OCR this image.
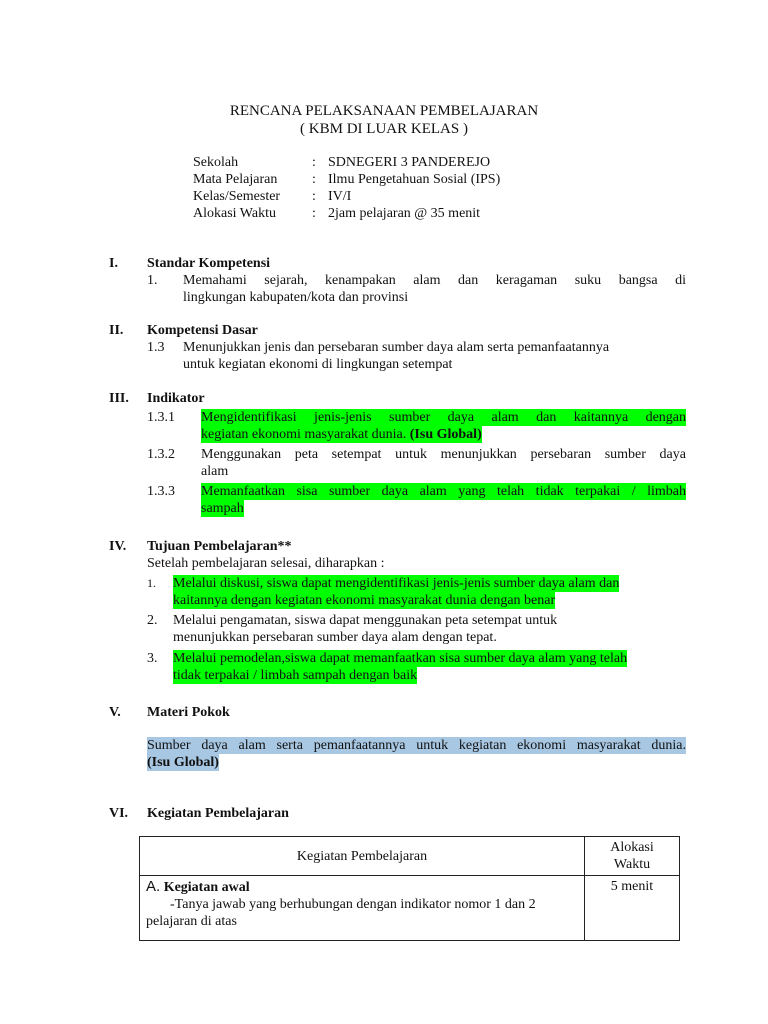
RENCANA PELAKSANAAN PEMBELAJARAN
( KBM DI LUAR KELAS )
Sekolah	: SDNEGERI 3 PANDEREJO
Mata Pelajaran : Ilmu Pengetahuan Sosial (IPS)
Kelas/Semester : IV/I
Alokasi Waktu	: 2jam pelajaran @ 35 menit
I. Standar Kompetensi
1. Memahami sejarah, kenampakan alam dan keragaman suku bangsa di
lingkungan kabupaten/kota dan provinsi
II. Kompetensi Dasar
1.3 Menunjukkan jenis dan persebaran sumber daya alam serta pemanfaatannya
untuk kegiatan ekonomi di lingkungan setempat
III. Indikator
1.3.1 Mengidentifikasi jenis-jenis sumber daya alam dan kaitannya dengan
kegiatan ekonomi masyarakat dunia. (Isu Global)
1.3.2 Menggunakan peta setempat untuk menunjukkan persebaran sumber daya
alam
1.3.3 Memanfaatkan sisa sumber daya alam yang telah tidak terpakai / limbah
sampah
IV. Tujuan Pembelajaran**
Setelah pembelajaran selesai, diharapkan :
1. Melalui diskusi, siswa dapat mengidentifikasi jenis-jenis sumber daya alam dan
kaitannya dengan kegiatan ekonomi masyarakat dunia dengan benar
2. Melalui pengamatan, siswa dapat menggunakan peta setempat untuk
menunjukkan persebaran sumber daya alam dengan tepat.
3. Melalui pemodelan,siswa dapat memanfaatkan sisa sumber daya alam yang telah
tidak terpakai / limbah sampah dengan baik
V. Materi Pokok
Sumber daya alam serta pemanfaatannya untuk kegiatan ekonomi masyarakat dunia.
(Isu Global)
VI. Kegiatan Pembelajaran
Kegiatan Pembelajaran	Alokasi
Waktu

A. Kegiatan awal
-Tanya jawab yang berhubungan dengan indikator nomor 1 dan 2
pelajaran di atas	5 menit
